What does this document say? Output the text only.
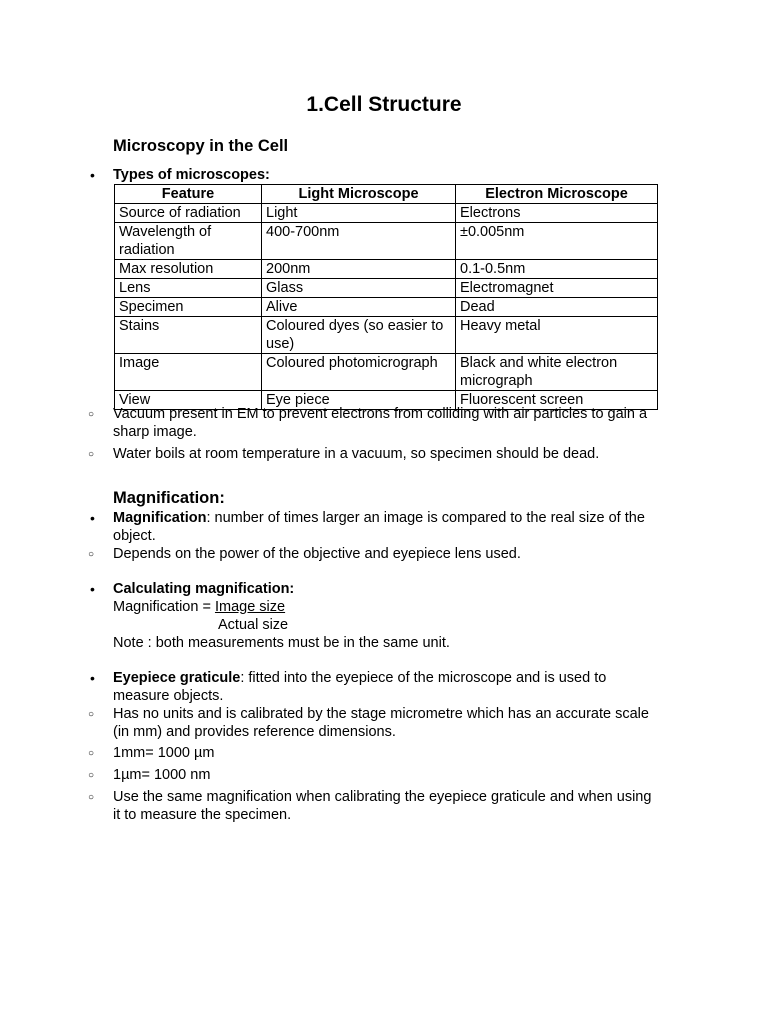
1.Cell Structure
Microscopy in the Cell
• Types of microscopes:
Feature	Light Microscope	Electron Microscope
Source of radiation	Light	Electrons
Wavelength of radiation	400-700nm	±0.005nm
Max resolution	200nm	0.1-0.5nm
Lens	Glass	Electromagnet
Specimen	Alive	Dead
Stains	Coloured dyes (so easier to use)	Heavy metal
Image	Coloured photomicrograph	Black and white electron micrograph
View	Eye piece	Fluorescent screen
○ Vacuum present in EM to prevent electrons from colliding with air particles to gain a sharp image.
○ Water boils at room temperature in a vacuum, so specimen should be dead.
Magnification:
• Magnification: number of times larger an image is compared to the real size of the object.
○ Depends on the power of the objective and eyepiece lens used.
• Calculating magnification:
Magnification = Image size
Actual size
Note : both measurements must be in the same unit.
• Eyepiece graticule: fitted into the eyepiece of the microscope and is used to measure objects.
○ Has no units and is calibrated by the stage micrometre which has an accurate scale (in mm) and provides reference dimensions.
○ 1mm= 1000 µm
○ 1µm= 1000 nm
○ Use the same magnification when calibrating the eyepiece graticule and when using it to measure the specimen.
